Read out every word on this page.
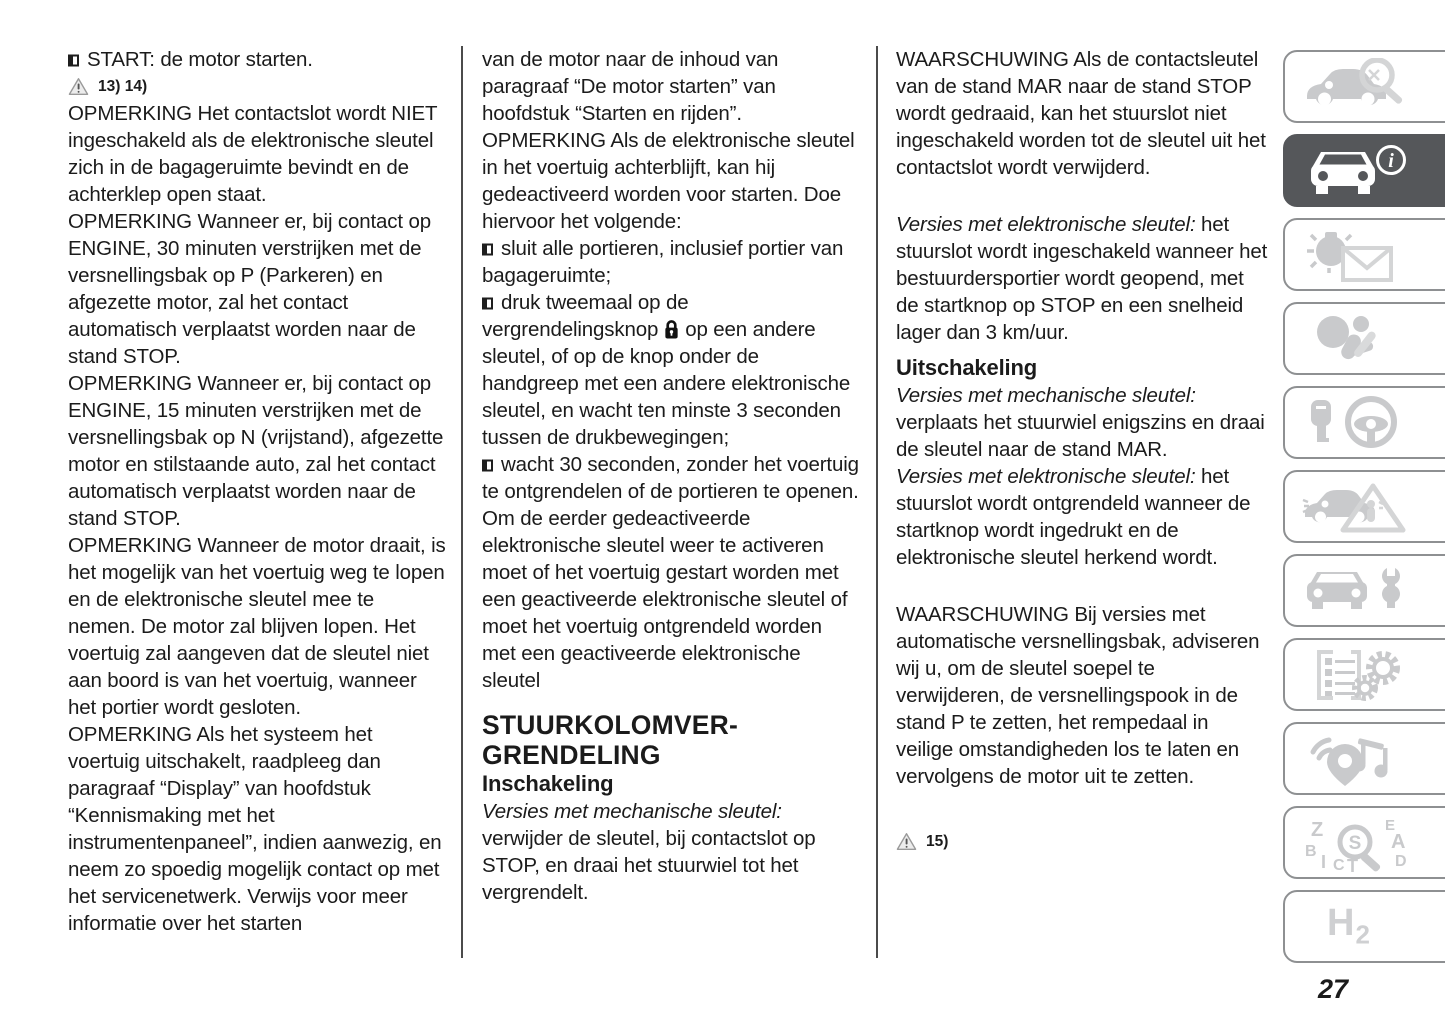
START: de motor starten.

13) 14)

OPMERKING Het contactslot wordt NIET ingeschakeld als de elektronische sleutel zich in de bagageruimte bevindt en de achterklep open staat.

OPMERKING Wanneer er, bij contact op ENGINE, 30 minuten verstrijken met de versnellingsbak op P (Parkeren) en afgezette motor, zal het contact automatisch verplaatst worden naar de stand STOP.

OPMERKING Wanneer er, bij contact op ENGINE, 15 minuten verstrijken met de versnellingsbak op N (vrijstand), afgezette motor en stilstaande auto, zal het contact automatisch verplaatst worden naar de stand STOP.

OPMERKING Wanneer de motor draait, is het mogelijk van het voertuig weg te lopen en de elektronische sleutel mee te nemen. De motor zal blijven lopen. Het voertuig zal aangeven dat de sleutel niet aan boord is van het voertuig, wanneer het portier wordt gesloten.

OPMERKING Als het systeem het voertuig uitschakelt, raadpleeg dan paragraaf “Display” van hoofdstuk “Kennismaking met het instrumentenpaneel”, indien aanwezig, en neem zo spoedig mogelijk contact op met het servicenetwerk. Verwijs voor meer informatie over het starten

van de motor naar de inhoud van paragraaf “De motor starten” van hoofdstuk “Starten en rijden”.

OPMERKING Als de elektronische sleutel in het voertuig achterblijft, kan hij gedeactiveerd worden voor starten. Doe hiervoor het volgende:

sluit alle portieren, inclusief portier van bagageruimte;

druk tweemaal op de vergrendelingsknop op een andere sleutel, of op de knop onder de handgreep met een andere elektronische sleutel, en wacht ten minste 3 seconden tussen de drukbewegingen;

wacht 30 seconden, zonder het voertuig te ontgrendelen of de portieren te openen.

Om de eerder gedeactiveerde elektronische sleutel weer te activeren moet of het voertuig gestart worden met een geactiveerde elektronische sleutel of moet het voertuig ontgrendeld worden met een geactiveerde elektronische sleutel

STUURKOLOMVER-
GRENDELING
Inschakeling

Versies met mechanische sleutel: verwijder de sleutel, bij contactslot op STOP, en draai het stuurwiel tot het vergrendelt.

WAARSCHUWING Als de contactsleutel van de stand MAR naar de stand STOP wordt gedraaid, kan het stuurslot niet ingeschakeld worden tot de sleutel uit het contactslot wordt verwijderd.

Versies met elektronische sleutel: het stuurslot wordt ingeschakeld wanneer het bestuurdersportier wordt geopend, met de startknop op STOP en een snelheid lager dan 3 km/uur.

Uitschakeling

Versies met mechanische sleutel: verplaats het stuurwiel enigszins en draai de sleutel naar de stand MAR.

Versies met elektronische sleutel: het stuurslot wordt ontgrendeld wanneer de startknop wordt ingedrukt en de elektronische sleutel herkend wordt.

WAARSCHUWING Bij versies met automatische versnellingsbak, adviseren wij u, om de sleutel soepel te verwijderen, de versnellingspook in de stand P te zetten, het rempedaal in veilige omstandigheden los te laten en vervolgens de motor uit te zetten.

15)
i
Z
B
E
A
D
I C T
S
$H_2$
27
